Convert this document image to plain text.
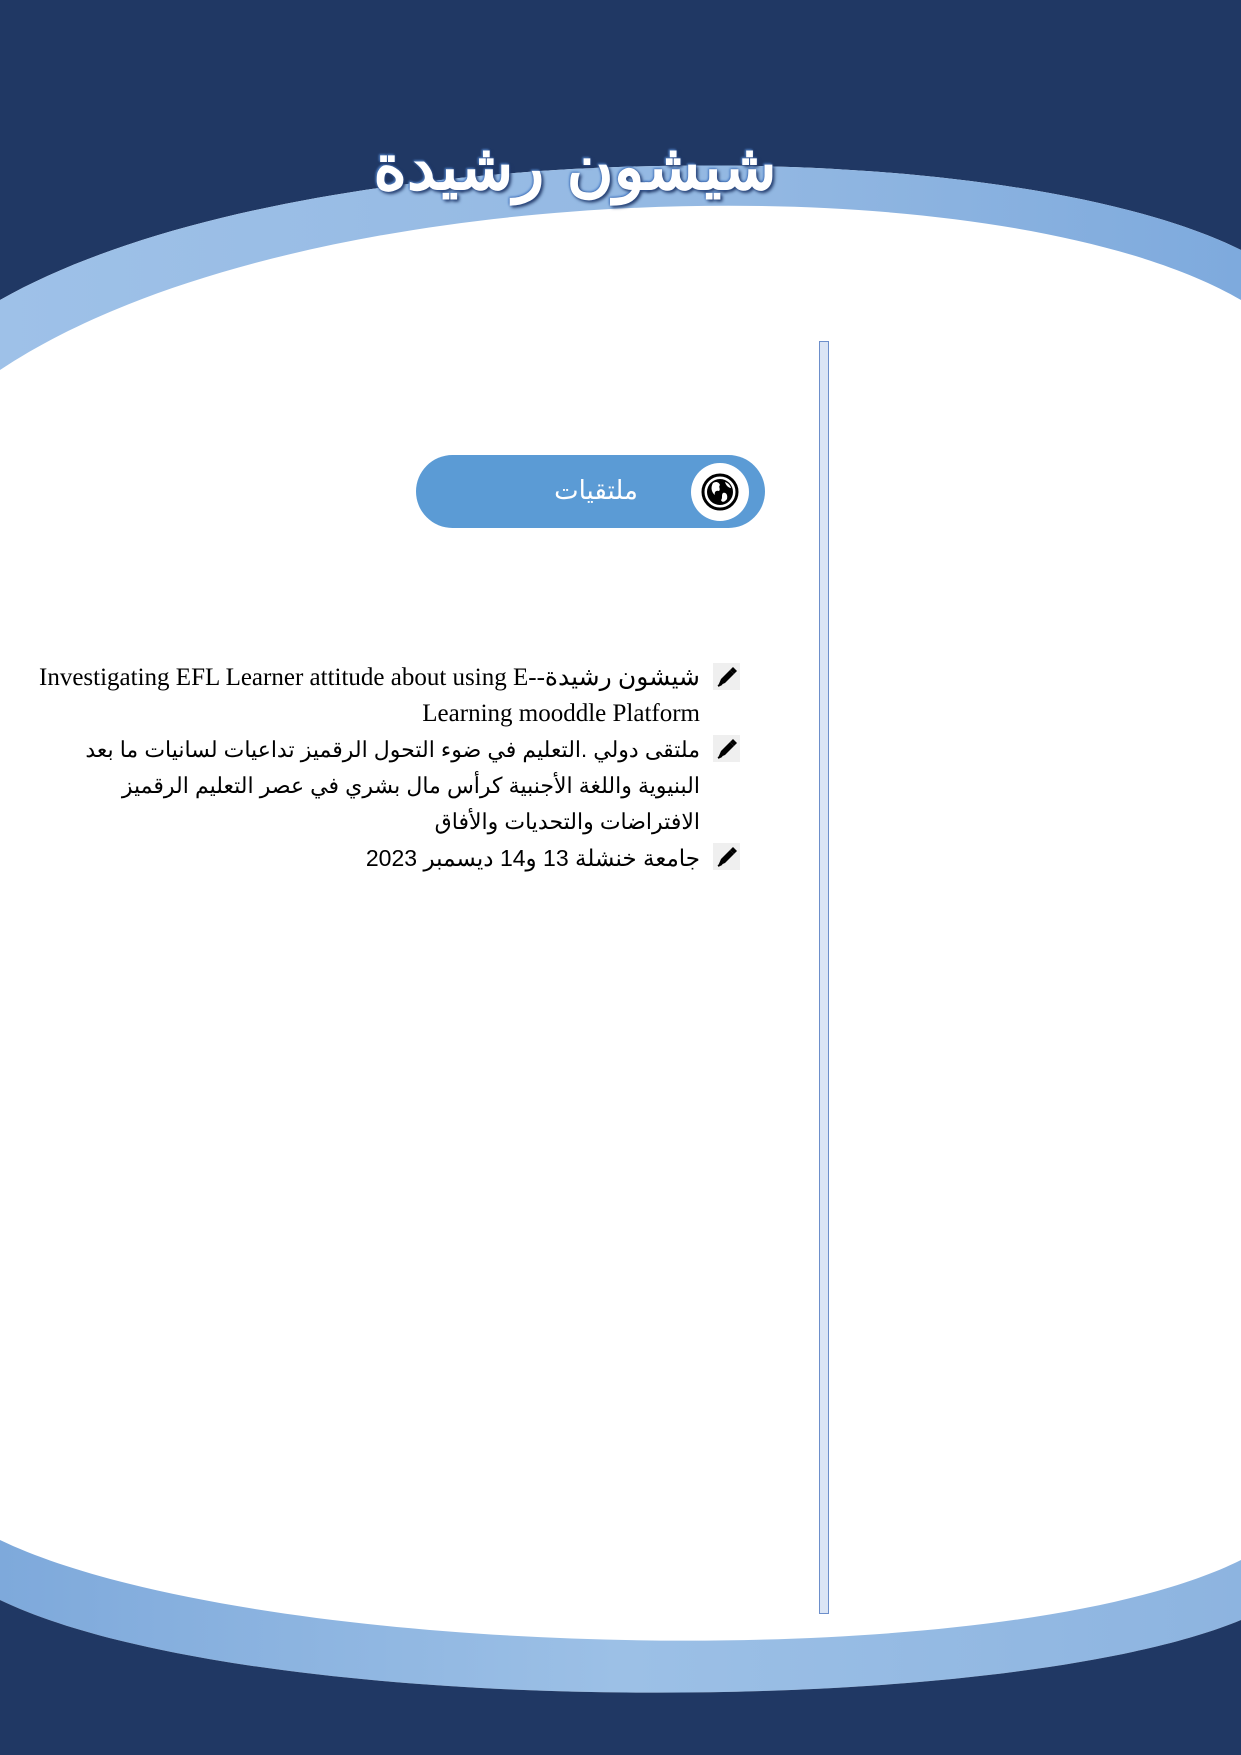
شيشون رشيدة
ملتقيات

شيشون رشيدة-Investigating EFL Learner attitude about using E-Learning mooddle Platform

ملتقى دولي .التعليم في ضوء التحول الرقميز تداعيات لسانيات ما بعد البنيوية واللغة الأجنبية كرأس مال بشري في عصر التعليم الرقميز الافتراضات والتحديات والأفاق

جامعة خنشلة 13 و14 ديسمبر 2023
